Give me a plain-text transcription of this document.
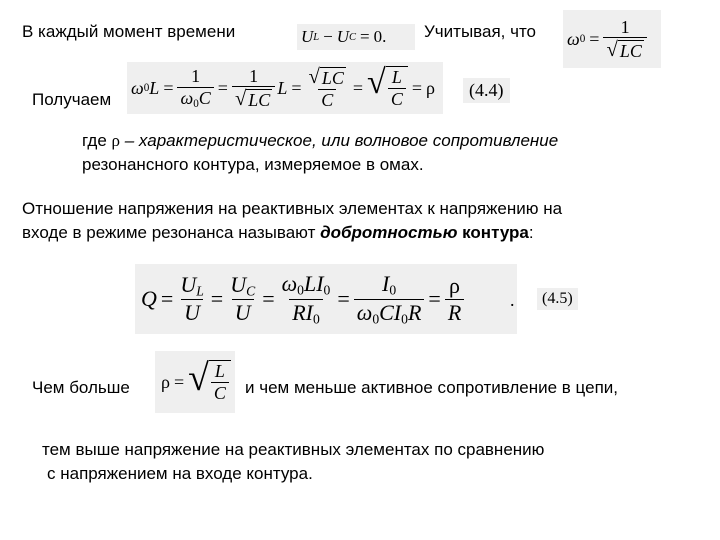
В каждый момент времени	U L − U C = 0 . Учитывая, что ω $0 = \frac{1}{√ LC}$
Получаем
ω 0 $L = \frac{1}{\omega_0C} = \frac{1}{√ LC}$ $L = \frac{√ LC}{C}$ = √ $\frac{L}{C} = \rho$	(4.4)
где ρ – характеристическое, или волновое сопротивление
резонансного контура, измеряемое в омах.
Отношение напряжения на реактивных элементах к напряжению на
входе в режиме резонанса называют добротностью контура:
$Q = \frac{U_L}{U} = \frac{U_C}{U} = \frac{\omega_0LI_0}{RI_0} = \frac{I_0}{\omega_0CI_0R} = \frac{\rho}{R}$	.	(4.5)
Чем больше ρ = √ $\frac{L}{C}$ и чем меньше активное сопротивление в цепи,
тем выше напряжение на реактивных элементах по сравнению
с напряжением на входе контура.
